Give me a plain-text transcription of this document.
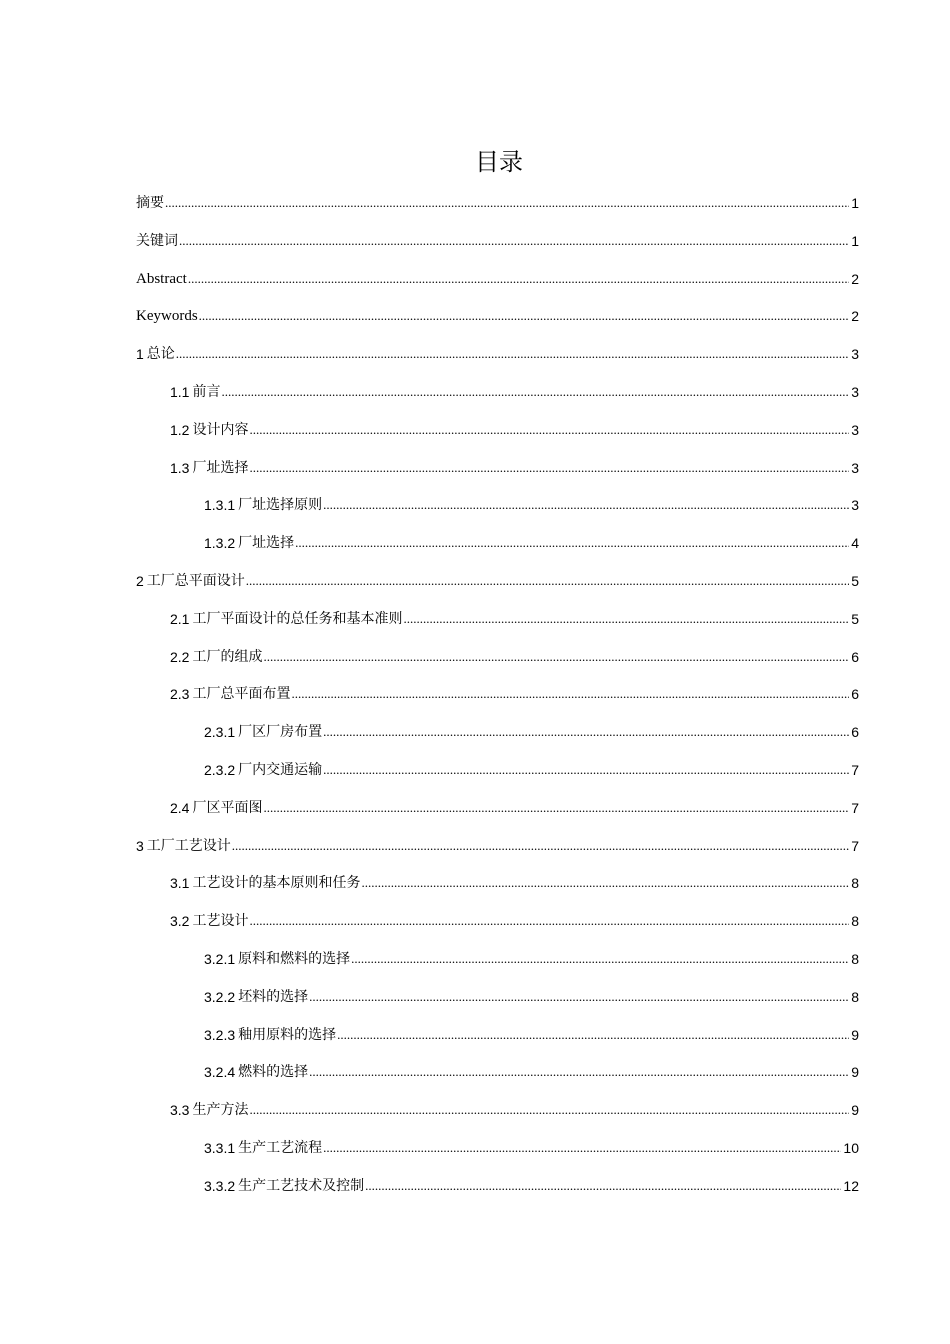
目录
摘要 .....	1
关键词 .....	1
Abstract .....	2
Keywords .....	2
1 总论 .....	3
1.1 前言 .....	3
1.2 设计内容 .....	3
1.3 厂址选择 .....	3
1.3.1 厂址选择原则 .....	3
1.3.2 厂址选择 .....	4
2 工厂总平面设计 .....	5
2.1 工厂平面设计的总任务和基本准则 .....	5
2.2 工厂的组成 .....	6
2.3 工厂总平面布置 .....	6
2.3.1 厂区厂房布置 .....	6
2.3.2 厂内交通运输 .....	7
2.4 厂区平面图 .....	7
3 工厂工艺设计 .....	7
3.1 工艺设计的基本原则和任务 .....	8
3.2 工艺设计 .....	8
3.2.1 原料和燃料的选择 .....	8
3.2.2 坯料的选择 .....	8
3.2.3 釉用原料的选择 .....	9
3.2.4 燃料的选择 .....	9
3.3 生产方法 .....	9
3.3.1 生产工艺流程 .....	10
3.3.2 生产工艺技术及控制 .....	12
